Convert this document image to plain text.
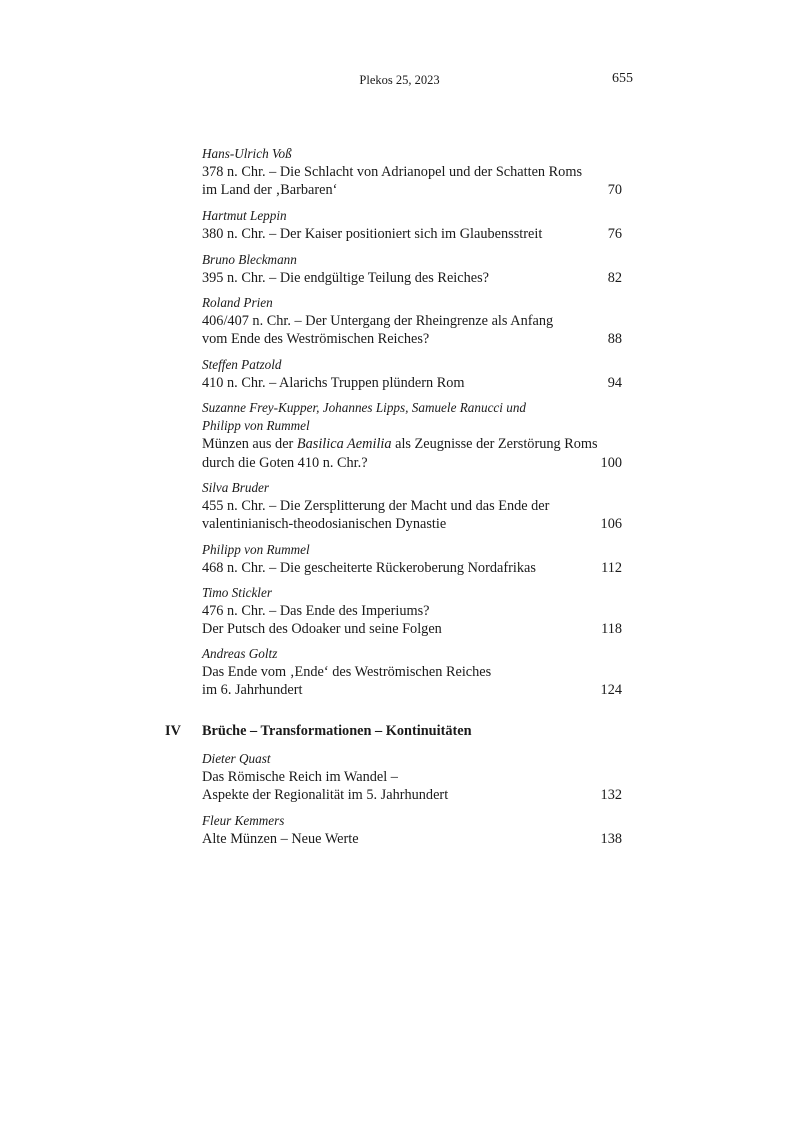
Plekos 25, 2023	655
Hans-Ulrich Voß
378 n. Chr. – Die Schlacht von Adrianopel und der Schatten Roms
im Land der ‚Barbaren‘	70
Hartmut Leppin
380 n. Chr. – Der Kaiser positioniert sich im Glaubensstreit	76
Bruno Bleckmann
395 n. Chr. – Die endgültige Teilung des Reiches?	82
Roland Prien
406/407 n. Chr. – Der Untergang der Rheingrenze als Anfang
vom Ende des Weströmischen Reiches?	88
Steffen Patzold
410 n. Chr. – Alarichs Truppen plündern Rom	94
Suzanne Frey-Kupper, Johannes Lipps, Samuele Ranucci und
Philipp von Rummel
Münzen aus der Basilica Aemilia als Zeugnisse der Zerstörung Roms
durch die Goten 410 n. Chr.?	100
Silva Bruder
455 n. Chr. – Die Zersplitterung der Macht und das Ende der
valentinianisch-theodosianischen Dynastie	106
Philipp von Rummel
468 n. Chr. – Die gescheiterte Rückeroberung Nordafrikas	112
Timo Stickler
476 n. Chr. – Das Ende des Imperiums?
Der Putsch des Odoaker und seine Folgen	118
Andreas Goltz
Das Ende vom ‚Ende‘ des Weströmischen Reiches
im 6. Jahrhundert	124
IV Brüche – Transformationen – Kontinuitäten
Dieter Quast
Das Römische Reich im Wandel –
Aspekte der Regionalität im 5. Jahrhundert	132
Fleur Kemmers
Alte Münzen – Neue Werte	138
